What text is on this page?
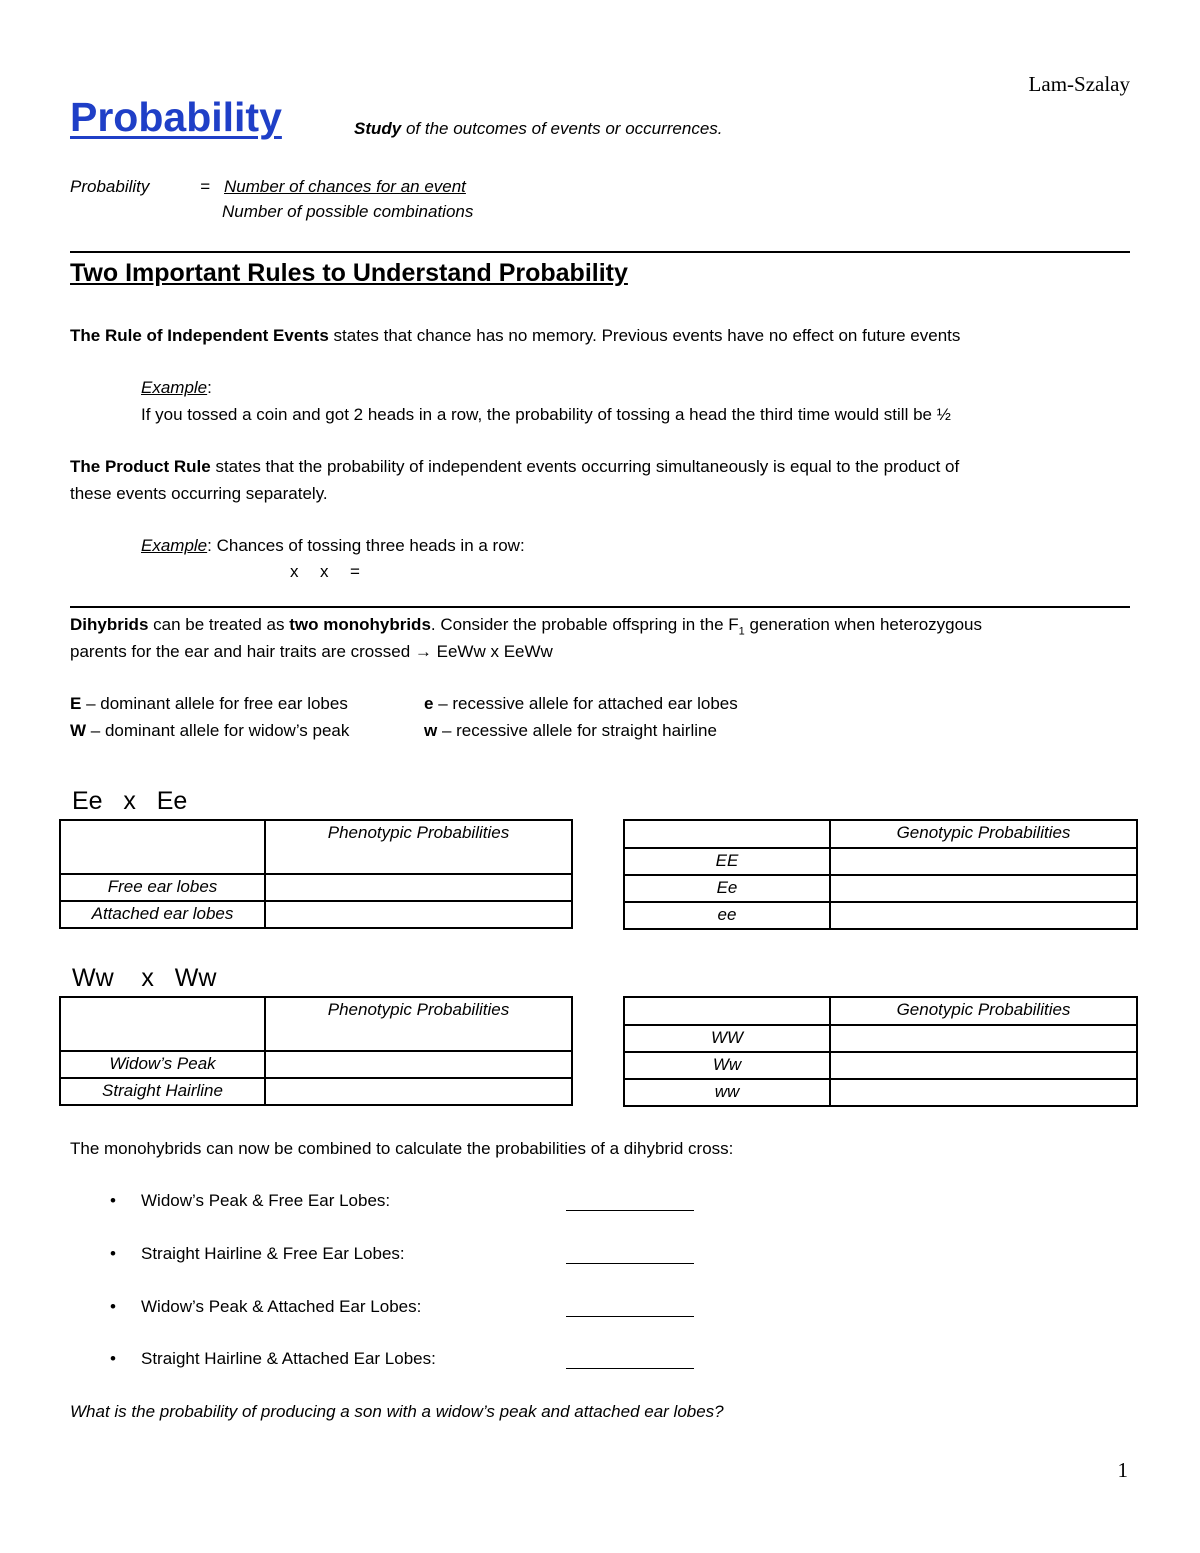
Lam-Szalay
Probability	Study of the outcomes of events or occurrences.
Probability	= Number of chances for an event
Number of possible combinations
Two Important Rules to Understand Probability
The Rule of Independent Events states that chance has no memory. Previous events have no effect on future events
Example:
If you tossed a coin and got 2 heads in a row, the probability of tossing a head the third time would still be ½
The Product Rule states that the probability of independent events occurring simultaneously is equal to the product of
these events occurring separately.
Example: Chances of tossing three heads in a row:
x x =
Dihybrids can be treated as two monohybrids. Consider the probable offspring in the $F_1$ generation when heterozygous
parents for the ear and hair traits are crossed → EeWw x EeWw
E – dominant allele for free ear lobes	e – recessive allele for attached ear lobes
W – dominant allele for widow’s peak	w – recessive allele for straight hairline
Ee   x   Ee
	Phenotypic Probabilities
Free ear lobes	
Attached ear lobes	
	Genotypic Probabilities
EE	
Ee	
ee	
Ww    x   Ww
	Phenotypic Probabilities
Widow’s Peak	
Straight Hairline	
	Genotypic Probabilities
WW	
Ww	
ww	
The monohybrids can now be combined to calculate the probabilities of a dihybrid cross:
• Widow’s Peak & Free Ear Lobes:
• Straight Hairline & Free Ear Lobes:
• Widow’s Peak & Attached Ear Lobes:
• Straight Hairline & Attached Ear Lobes:
What is the probability of producing a son with a widow’s peak and attached ear lobes?
1
